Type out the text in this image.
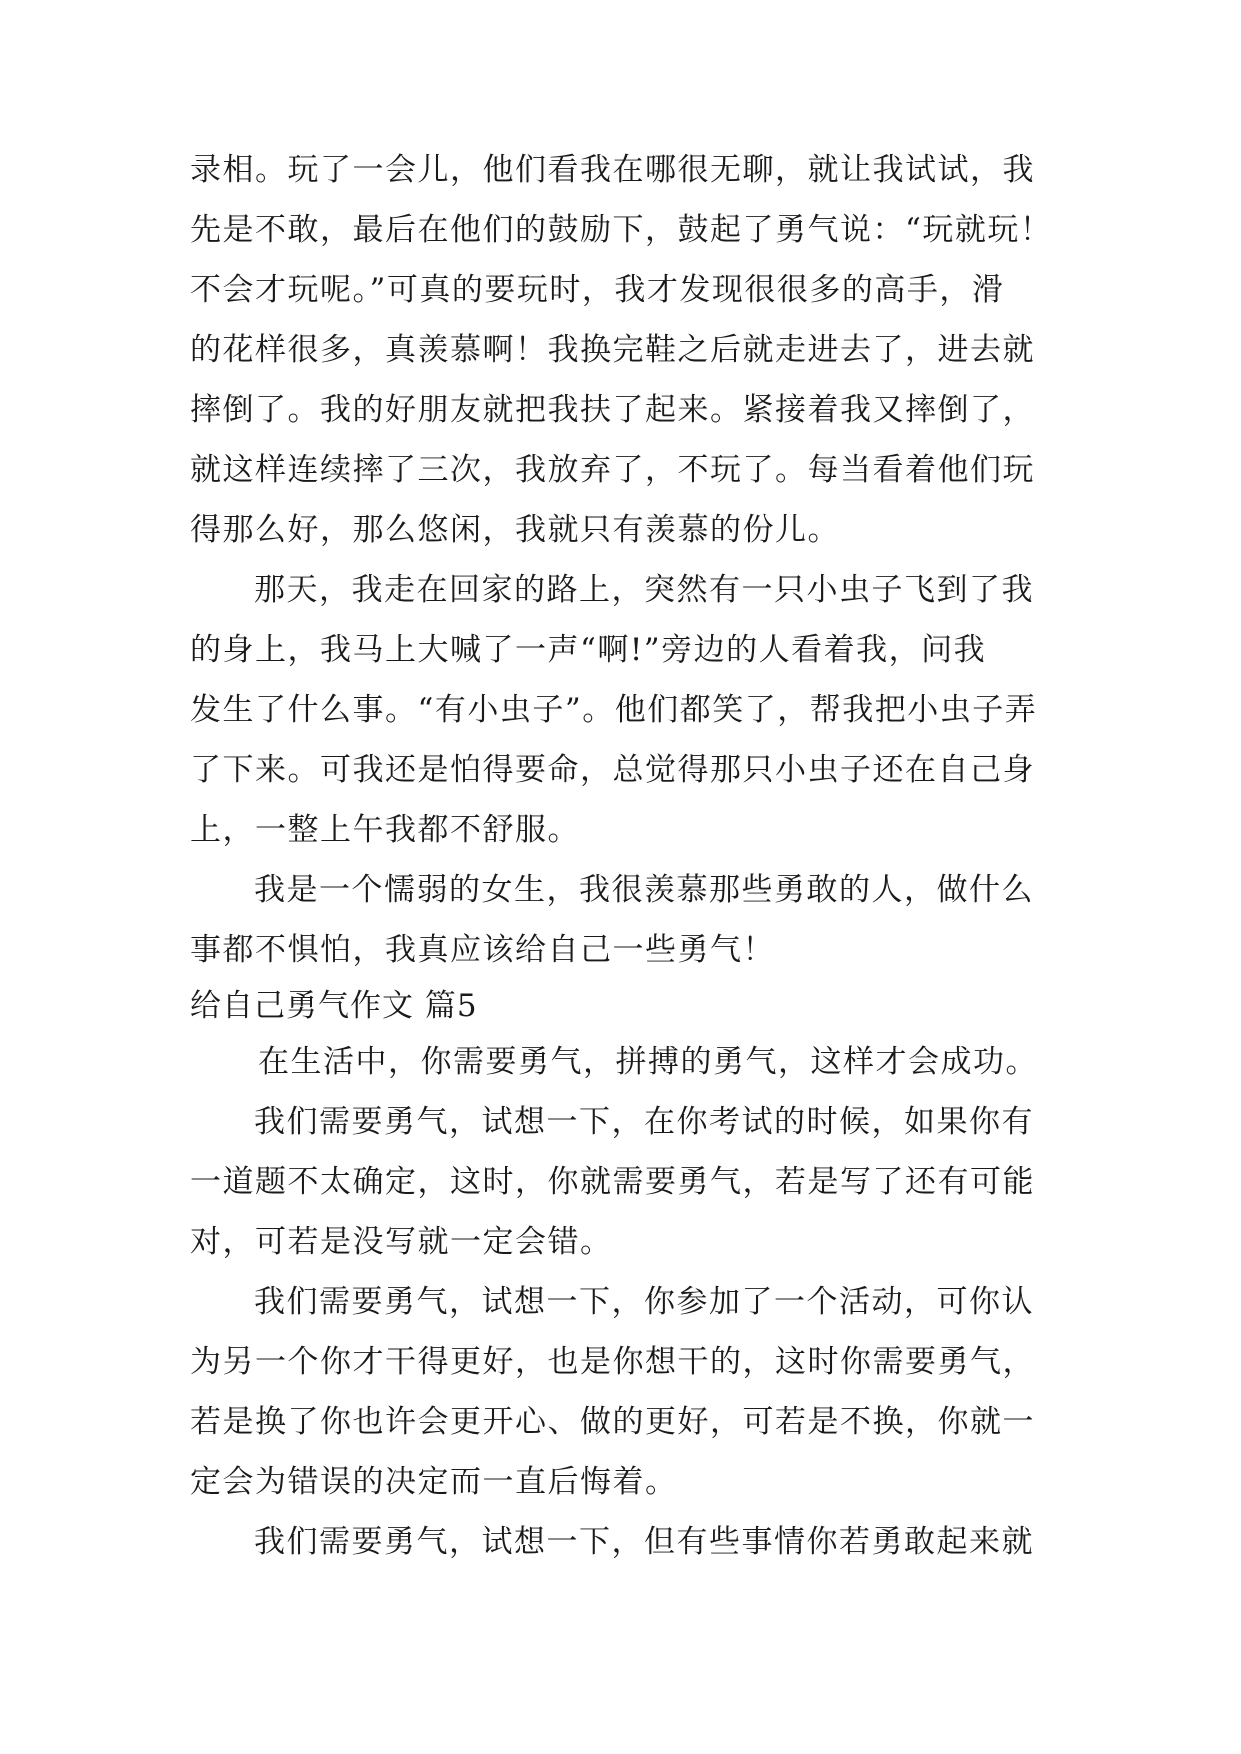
录相。玩了一会儿，他们看我在哪很无聊，就让我试试，我
先是不敢，最后在他们的鼓励下，鼓起了勇气说：“玩就玩！
不会才玩呢。”可真的要玩时，我才发现很很多的高手，滑
的花样很多，真羡慕啊！我换完鞋之后就走进去了，进去就
摔倒了。我的好朋友就把我扶了起来。紧接着我又摔倒了，
就这样连续摔了三次，我放弃了，不玩了。每当看着他们玩
得那么好，那么悠闲，我就只有羡慕的份儿。
那天，我走在回家的路上，突然有一只小虫子飞到了我
的身上，我马上大喊了一声“啊!”旁边的人看着我，问我
发生了什么事。“有小虫子”。他们都笑了，帮我把小虫子弄
了下来。可我还是怕得要命，总觉得那只小虫子还在自己身
上，一整上午我都不舒服。
我是一个懦弱的女生，我很羡慕那些勇敢的人，做什么
事都不惧怕，我真应该给自己一些勇气！
给自己勇气作文 篇5
在生活中，你需要勇气，拼搏的勇气，这样才会成功。
我们需要勇气，试想一下，在你考试的时候，如果你有
一道题不太确定，这时，你就需要勇气，若是写了还有可能
对，可若是没写就一定会错。
我们需要勇气，试想一下，你参加了一个活动，可你认
为另一个你才干得更好，也是你想干的，这时你需要勇气，
若是换了你也许会更开心、做的更好，可若是不换，你就一
定会为错误的决定而一直后悔着。
我们需要勇气，试想一下，但有些事情你若勇敢起来就
